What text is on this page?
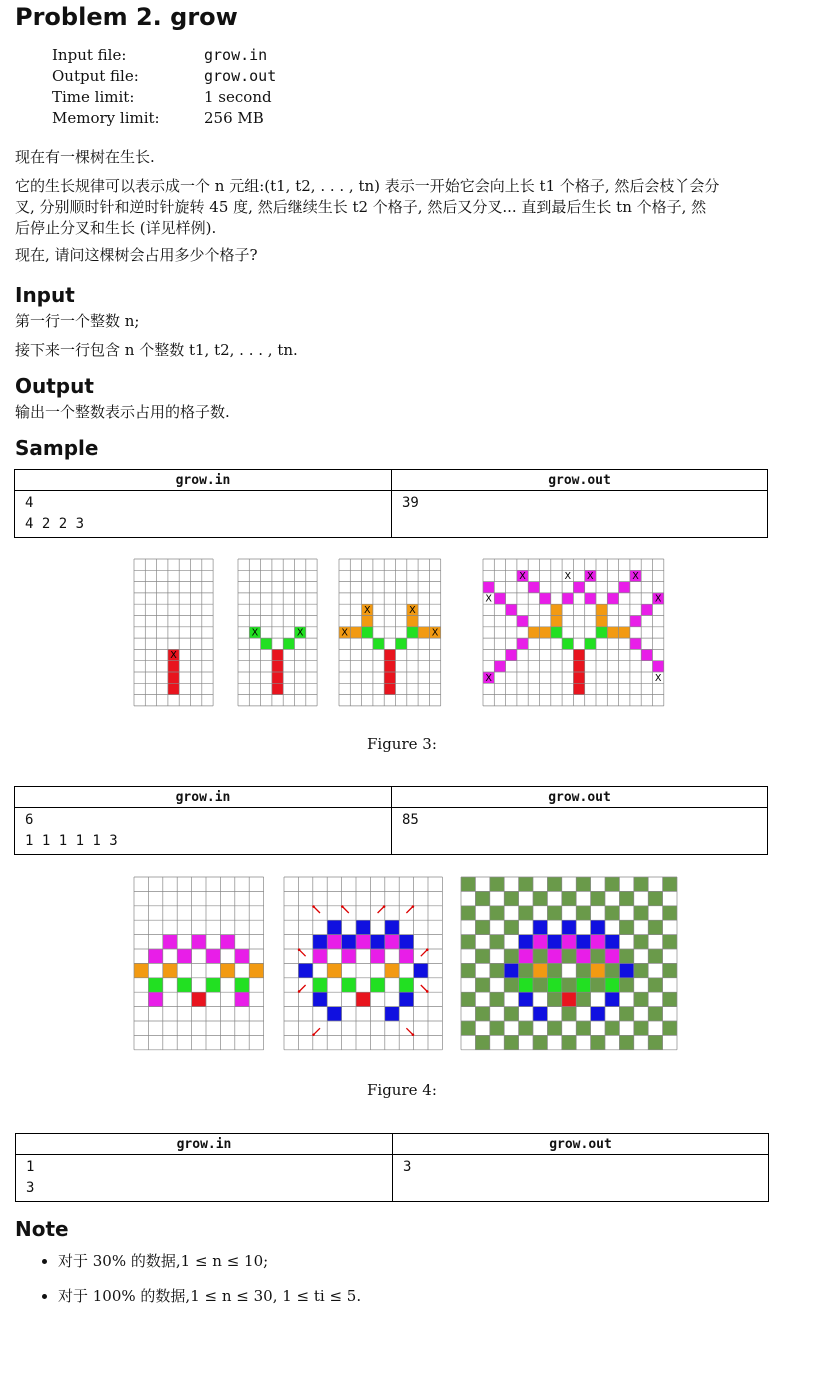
Problem 2. grow
Input file:	grow.in
Output file:	grow.out
Time limit:	1 second
Memory limit:	256 MB
现在有一棵树在生长.
它的生长规律可以表示成一个 n 元组:(t1, t2, . . . , tn) 表示一开始它会向上长 t1 个格子, 然后会枝丫会分
叉, 分别顺时针和逆时针旋转 45 度, 然后继续生长 t2 个格子, 然后又分叉... 直到最后生长 tn 个格子, 然
后停止分叉和生长 (详见样例).
现在, 请问这棵树会占用多少个格子?
Input
第一行一个整数 n;
接下来一行包含 n 个整数 t1, t2, . . . , tn.
Output
输出一个整数表示占用的格子数.
Sample
grow.in	grow.out

4
4 2 2 3	39
X
X	X
X
X
X
X
X	X X	X
X	X
X	X
Figure 3:
grow.in	grow.out

6
1 1 1 1 1 3	85
Figure 4:
grow.in	grow.out

1
3	3
Note
• 对于 30% 的数据,1 ≤ n ≤ 10;
• 对于 100% 的数据,1 ≤ n ≤ 30, 1 ≤ ti ≤ 5.
